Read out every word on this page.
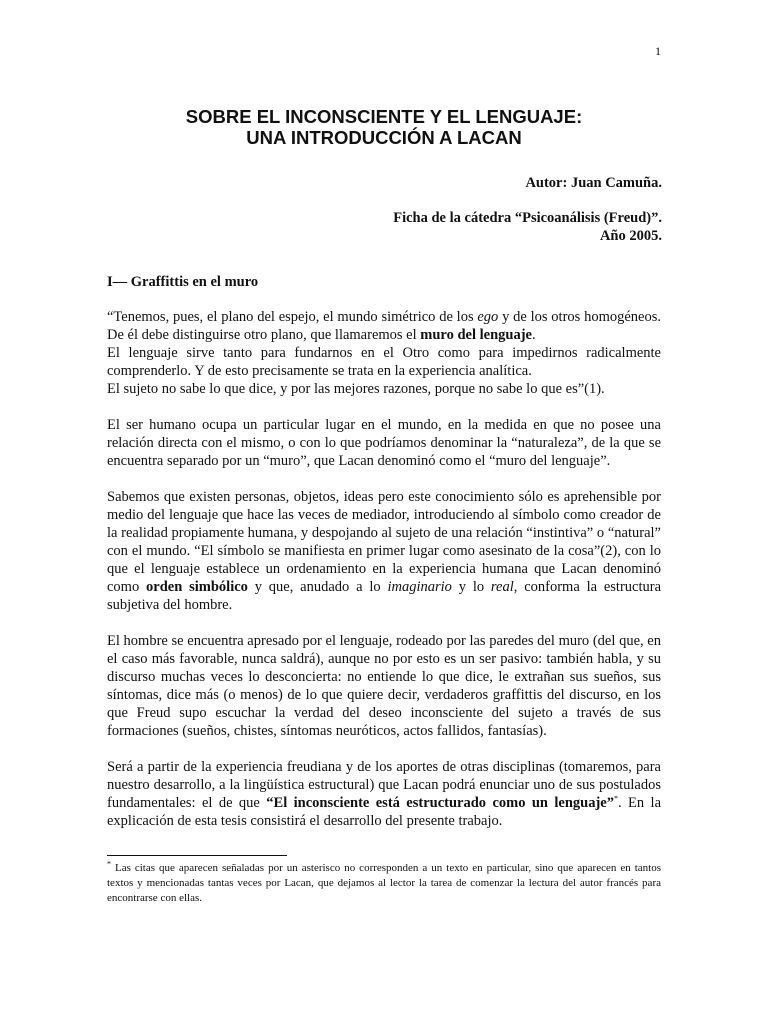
1
SOBRE EL INCONSCIENTE Y EL LENGUAJE:
UNA INTRODUCCIÓN A LACAN
Autor: Juan Camuña.
Ficha de la cátedra “Psicoanálisis (Freud)”.
Año 2005.
I— Graffittis en el muro

“Tenemos, pues, el plano del espejo, el mundo simétrico de los ego y de los otros homogéneos. De él debe distinguirse otro plano, que llamaremos el muro del lenguaje.

El lenguaje sirve tanto para fundarnos en el Otro como para impedirnos radicalmente comprenderlo. Y de esto precisamente se trata en la experiencia analítica.

El sujeto no sabe lo que dice, y por las mejores razones, porque no sabe lo que es”(1).

El ser humano ocupa un particular lugar en el mundo, en la medida en que no posee una relación directa con el mismo, o con lo que podríamos denominar la “naturaleza”, de la que se encuentra separado por un “muro”, que Lacan denominó como el “muro del lenguaje”.

Sabemos que existen personas, objetos, ideas pero este conocimiento sólo es aprehensible por medio del lenguaje que hace las veces de mediador, introduciendo al símbolo como creador de la realidad propiamente humana, y despojando al sujeto de una relación “instintiva” o “natural” con el mundo. “El símbolo se manifiesta en primer lugar como asesinato de la cosa”(2), con lo que el lenguaje establece un ordenamiento en la experiencia humana que Lacan denominó como orden simbólico y que, anudado a lo imaginario y lo real, conforma la estructura subjetiva del hombre.

El hombre se encuentra apresado por el lenguaje, rodeado por las paredes del muro (del que, en el caso más favorable, nunca saldrá), aunque no por esto es un ser pasivo: también habla, y su discurso muchas veces lo desconcierta: no entiende lo que dice, le extrañan sus sueños, sus síntomas, dice más (o menos) de lo que quiere decir, verdaderos graffittis del discurso, en los que Freud supo escuchar la verdad del deseo inconsciente del sujeto a través de sus formaciones (sueños, chistes, síntomas neuróticos, actos fallidos, fantasías).

Será a partir de la experiencia freudiana y de los aportes de otras disciplinas (tomaremos, para nuestro desarrollo, a la lingüística estructural) que Lacan podrá enunciar uno de sus postulados fundamentales: el de que “El inconsciente está estructurado como un lenguaje”*. En la explicación de esta tesis consistirá el desarrollo del presente trabajo.

* Las citas que aparecen señaladas por un asterisco no corresponden a un texto en particular, sino que aparecen en tantos textos y mencionadas tantas veces por Lacan, que dejamos al lector la tarea de comenzar la lectura del autor francés para encontrarse con ellas.
